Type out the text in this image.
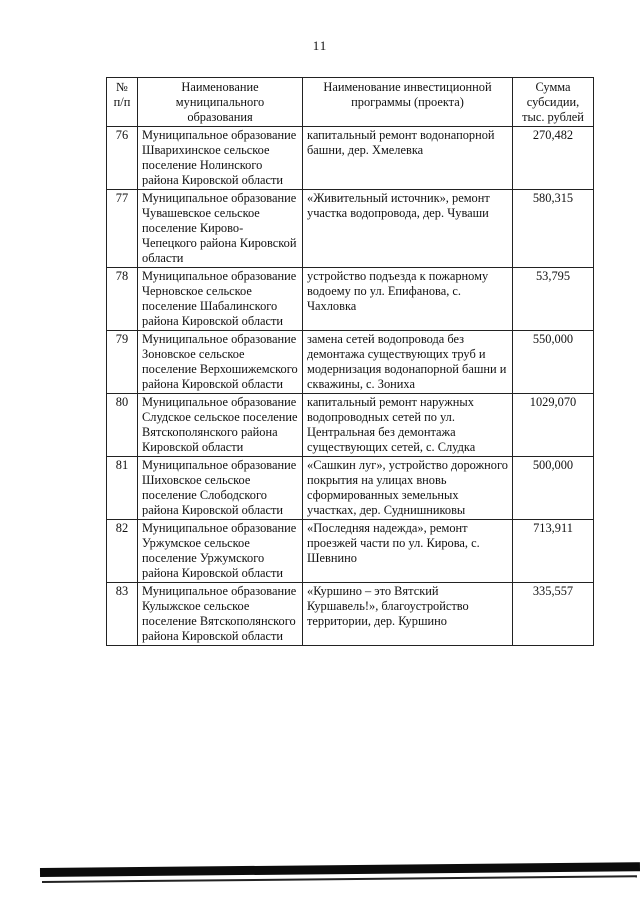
11
№ п/п	Наименование муниципального образования	Наименование инвестиционной программы (проекта)	Сумма субсидии, тыс. рублей
76	Муниципальное образование Шварихинское сельское поселение Нолинского района Кировской области	капитальный ремонт водонапорной башни, дер. Хмелевка	270,482
77	Муниципальное образование Чувашевское сельское поселение Кирово-Чепецкого района Кировской области	«Живительный источник», ремонт участка водопровода, дер. Чуваши	580,315
78	Муниципальное образование Черновское сельское поселение Шабалинского района Кировской области	устройство подъезда к пожарному водоему по ул. Епифанова, с. Чахловка	53,795
79	Муниципальное образование Зоновское сельское поселение Верхошижемского района Кировской области	замена сетей водопровода без демонтажа существующих труб и модернизация водонапорной башни и скважины, с. Зониха	550,000
80	Муниципальное образование Слудское сельское поселение Вятскополянского района Кировской области	капитальный ремонт наружных водопроводных сетей по ул. Центральная без демонтажа существующих сетей, с. Слудка	1029,070
81	Муниципальное образование Шиховское сельское поселение Слободского района Кировской области	«Сашкин луг», устройство дорожного покрытия на улицах вновь сформированных земельных участках, дер. Суднишниковы	500,000
82	Муниципальное образование Уржумское сельское поселение Уржумского района Кировской области	«Последняя надежда», ремонт проезжей части по ул. Кирова, с. Шевнино	713,911
83	Муниципальное образование Кулыжское сельское поселение Вятскополянского района Кировской области	«Куршино – это Вятский Куршавель!», благоустройство территории, дер. Куршино	335,557
